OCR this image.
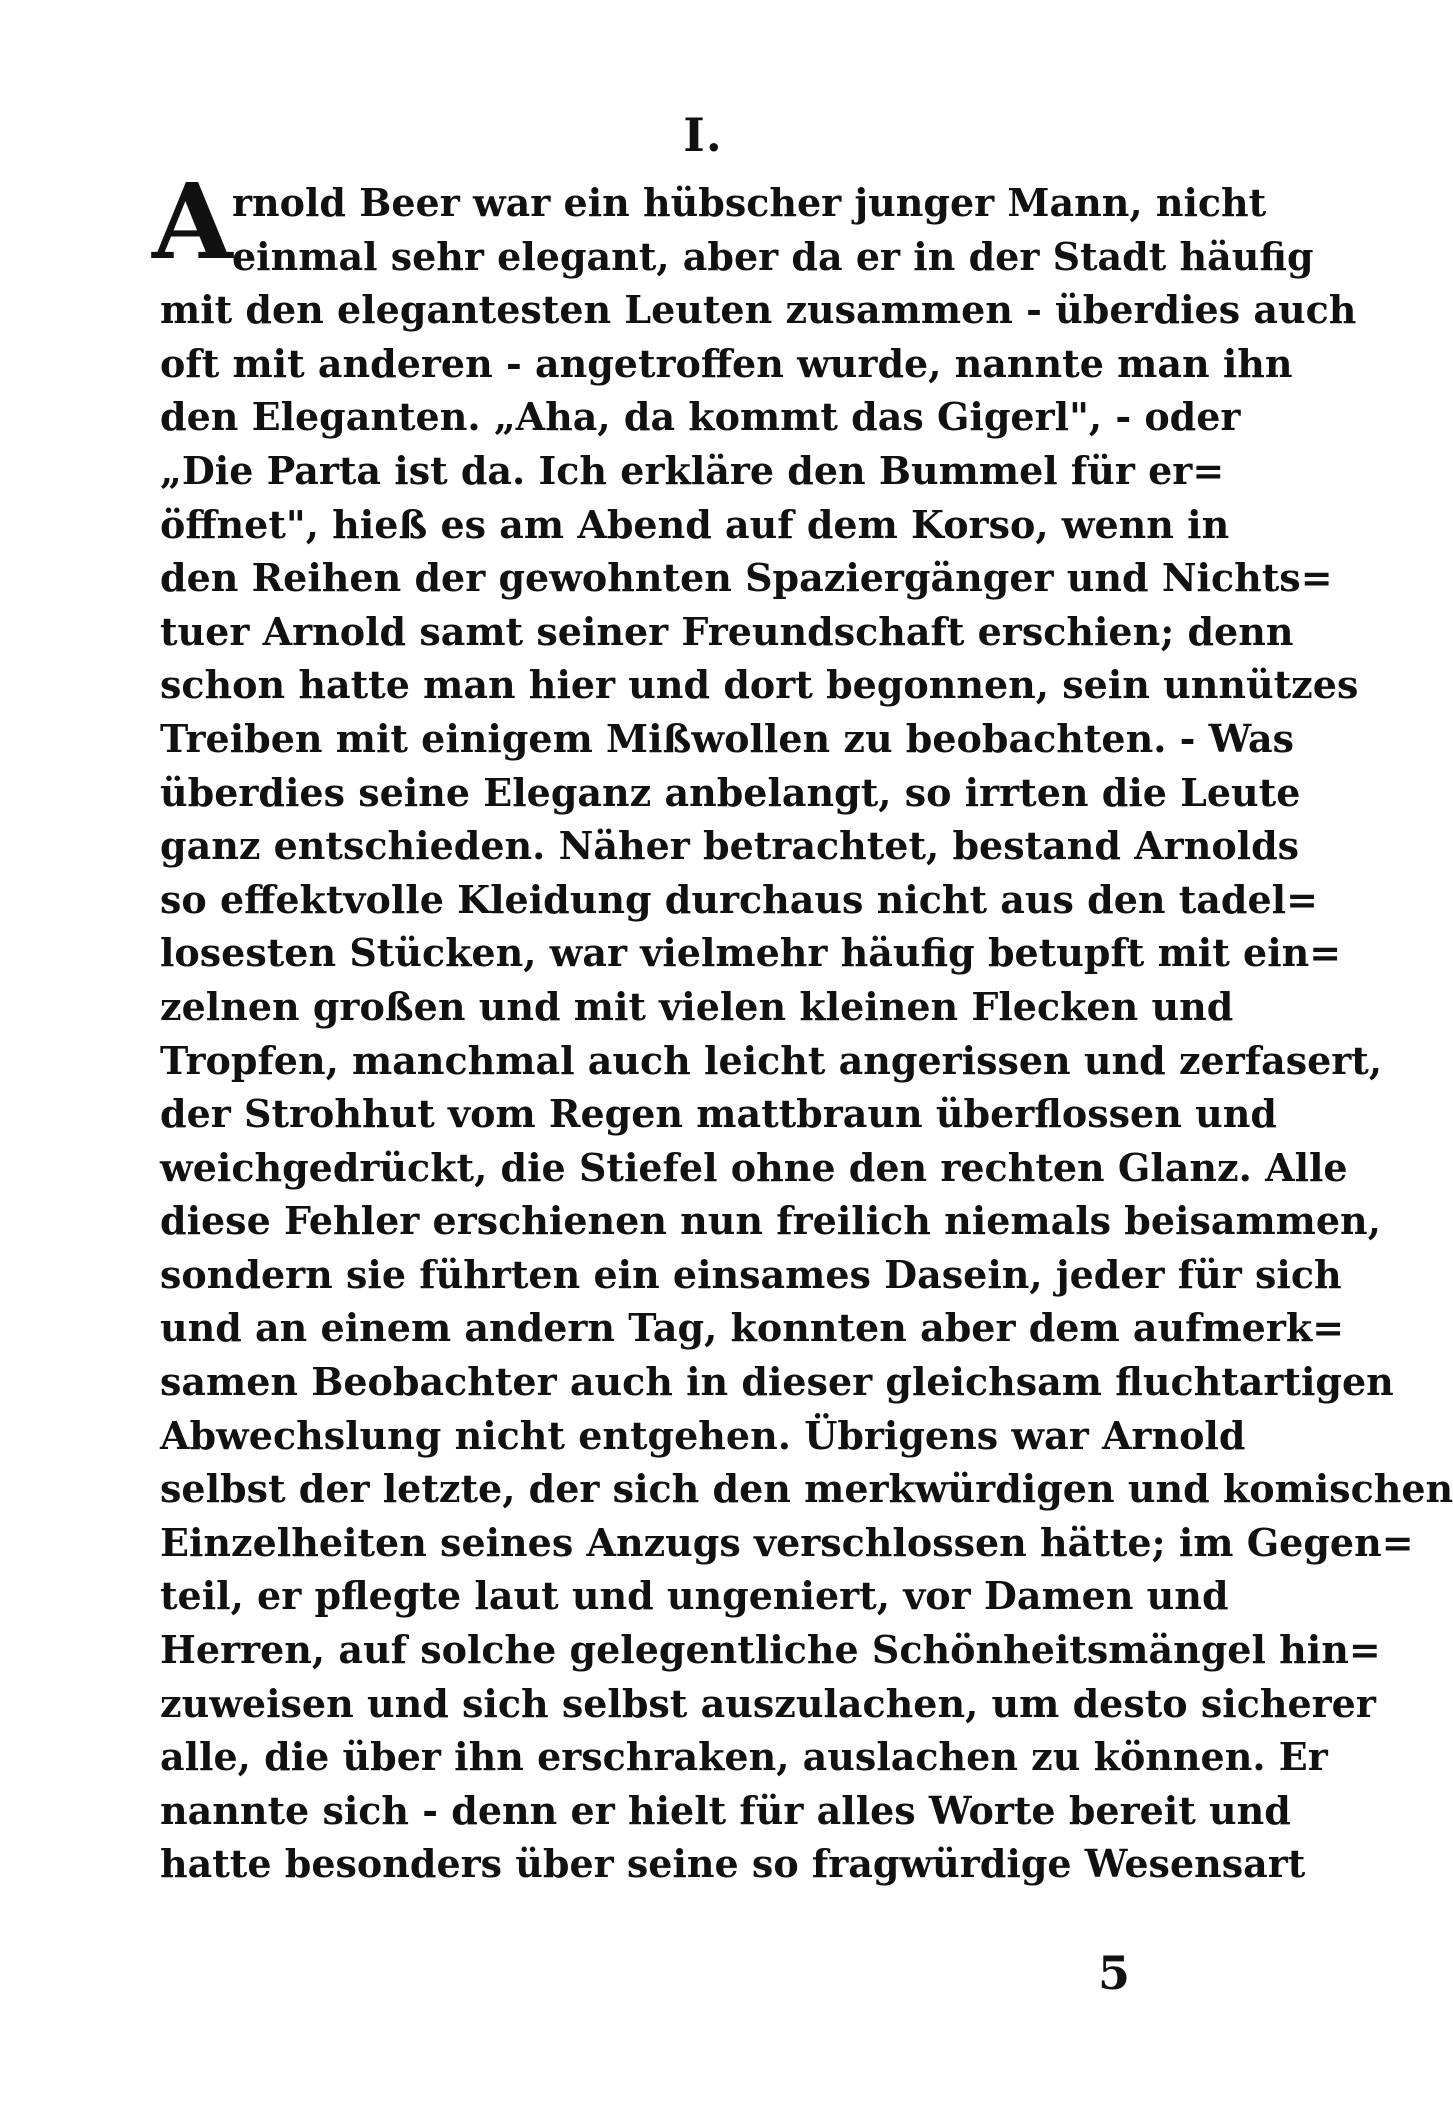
I.
A rnold Beer war ein hübscher junger Mann, nicht
einmal sehr elegant, aber da er in der Stadt häufig
mit den elegantesten Leuten zusammen - überdies auch
oft mit anderen - angetroffen wurde, nannte man ihn
den Eleganten. „Aha, da kommt das Gigerl", - oder
„Die Parta ist da. Ich erkläre den Bummel für er=
öffnet", hieß es am Abend auf dem Korso, wenn in
den Reihen der gewohnten Spaziergänger und Nichts=
tuer Arnold samt seiner Freundschaft erschien; denn
schon hatte man hier und dort begonnen, sein unnützes
Treiben mit einigem Mißwollen zu beobachten. - Was
überdies seine Eleganz anbelangt, so irrten die Leute
ganz entschieden. Näher betrachtet, bestand Arnolds
so effektvolle Kleidung durchaus nicht aus den tadel=
losesten Stücken, war vielmehr häufig betupft mit ein=
zelnen großen und mit vielen kleinen Flecken und
Tropfen, manchmal auch leicht angerissen und zerfasert,
der Strohhut vom Regen mattbraun überflossen und
weichgedrückt, die Stiefel ohne den rechten Glanz. Alle
diese Fehler erschienen nun freilich niemals beisammen,
sondern sie führten ein einsames Dasein, jeder für sich
und an einem andern Tag, konnten aber dem aufmerk=
samen Beobachter auch in dieser gleichsam fluchtartigen
Abwechslung nicht entgehen. Übrigens war Arnold
selbst der letzte, der sich den merkwürdigen und komischen
Einzelheiten seines Anzugs verschlossen hätte; im Gegen=
teil, er pflegte laut und ungeniert, vor Damen und
Herren, auf solche gelegentliche Schönheitsmängel hin=
zuweisen und sich selbst auszulachen, um desto sicherer
alle, die über ihn erschraken, auslachen zu können. Er
nannte sich - denn er hielt für alles Worte bereit und
hatte besonders über seine so fragwürdige Wesensart
5
